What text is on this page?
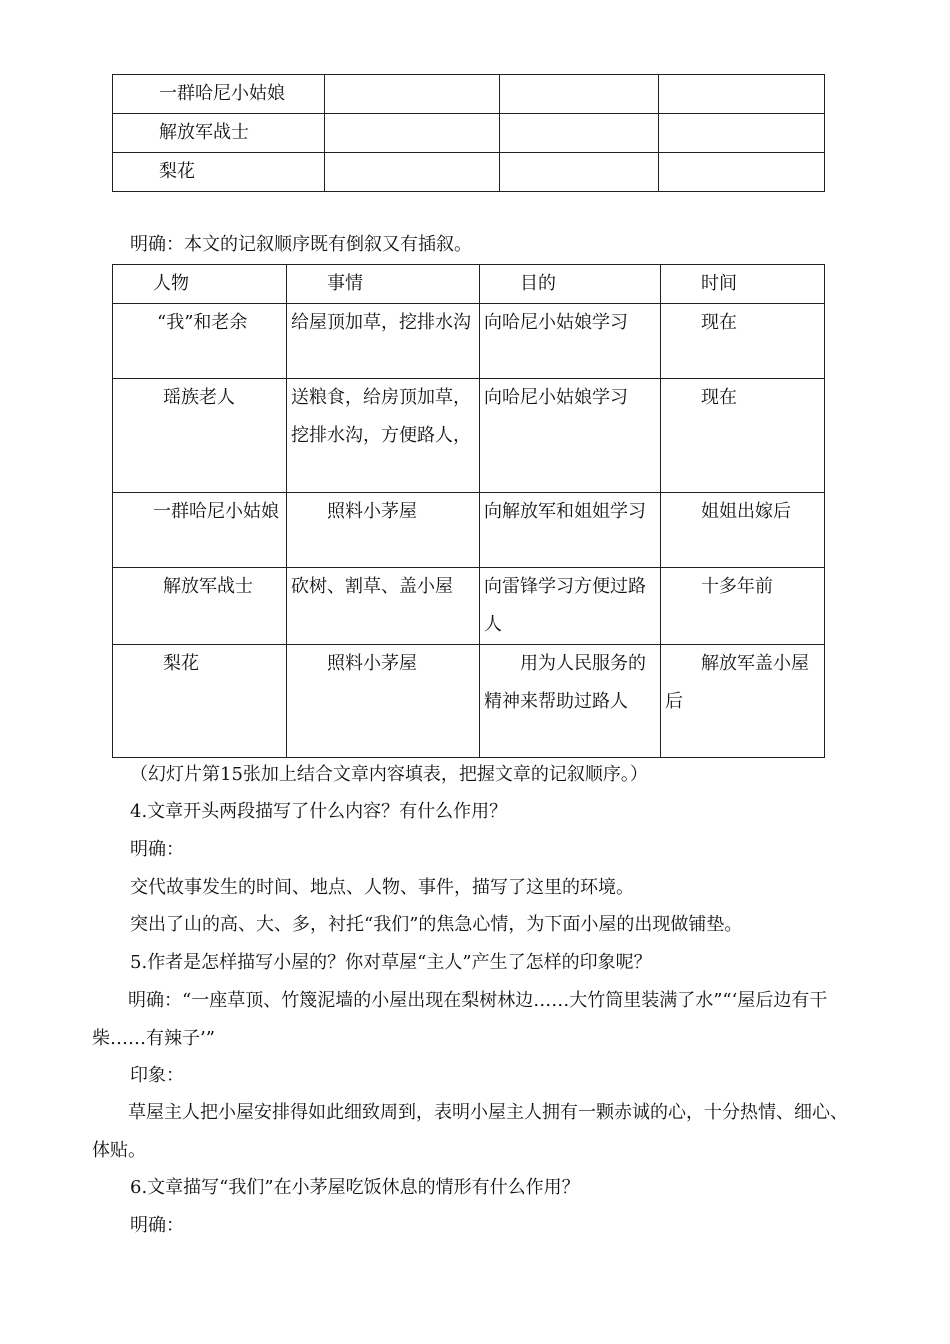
一群哈尼小姑娘			
解放军战士			
梨花			
明确：本文的记叙顺序既有倒叙又有插叙。
人物	事情	目的	时间
“我”和老余	给屋顶加草，挖排水沟	向哈尼小姑娘学习	现在
瑶族老人	送粮食，给房顶加草，挖排水沟，方便路人，	向哈尼小姑娘学习	现在
一群哈尼小姑娘	照料小茅屋	向解放军和姐姐学习	姐姐出嫁后
解放军战士	砍树、割草、盖小屋	向雷锋学习方便过路人	十多年前
梨花	照料小茅屋	用为人民服务的精神来帮助过路人	解放军盖小屋后
（幻灯片第15张加上结合文章内容填表，把握文章的记叙顺序。）
4.文章开头两段描写了什么内容？有什么作用？
明确：
交代故事发生的时间、地点、人物、事件，描写了这里的环境。
突出了山的高、大、多，衬托“我们”的焦急心情，为下面小屋的出现做铺垫。
5.作者是怎样描写小屋的？你对草屋“主人”产生了怎样的印象呢？
明确：“一座草顶、竹篾泥墙的小屋出现在梨树林边……大竹筒里装满了水”“‘屋后边有干柴……有辣子’”
印象：
草屋主人把小屋安排得如此细致周到，表明小屋主人拥有一颗赤诚的心，十分热情、细心、体贴。
6.文章描写“我们”在小茅屋吃饭休息的情形有什么作用？
明确：
